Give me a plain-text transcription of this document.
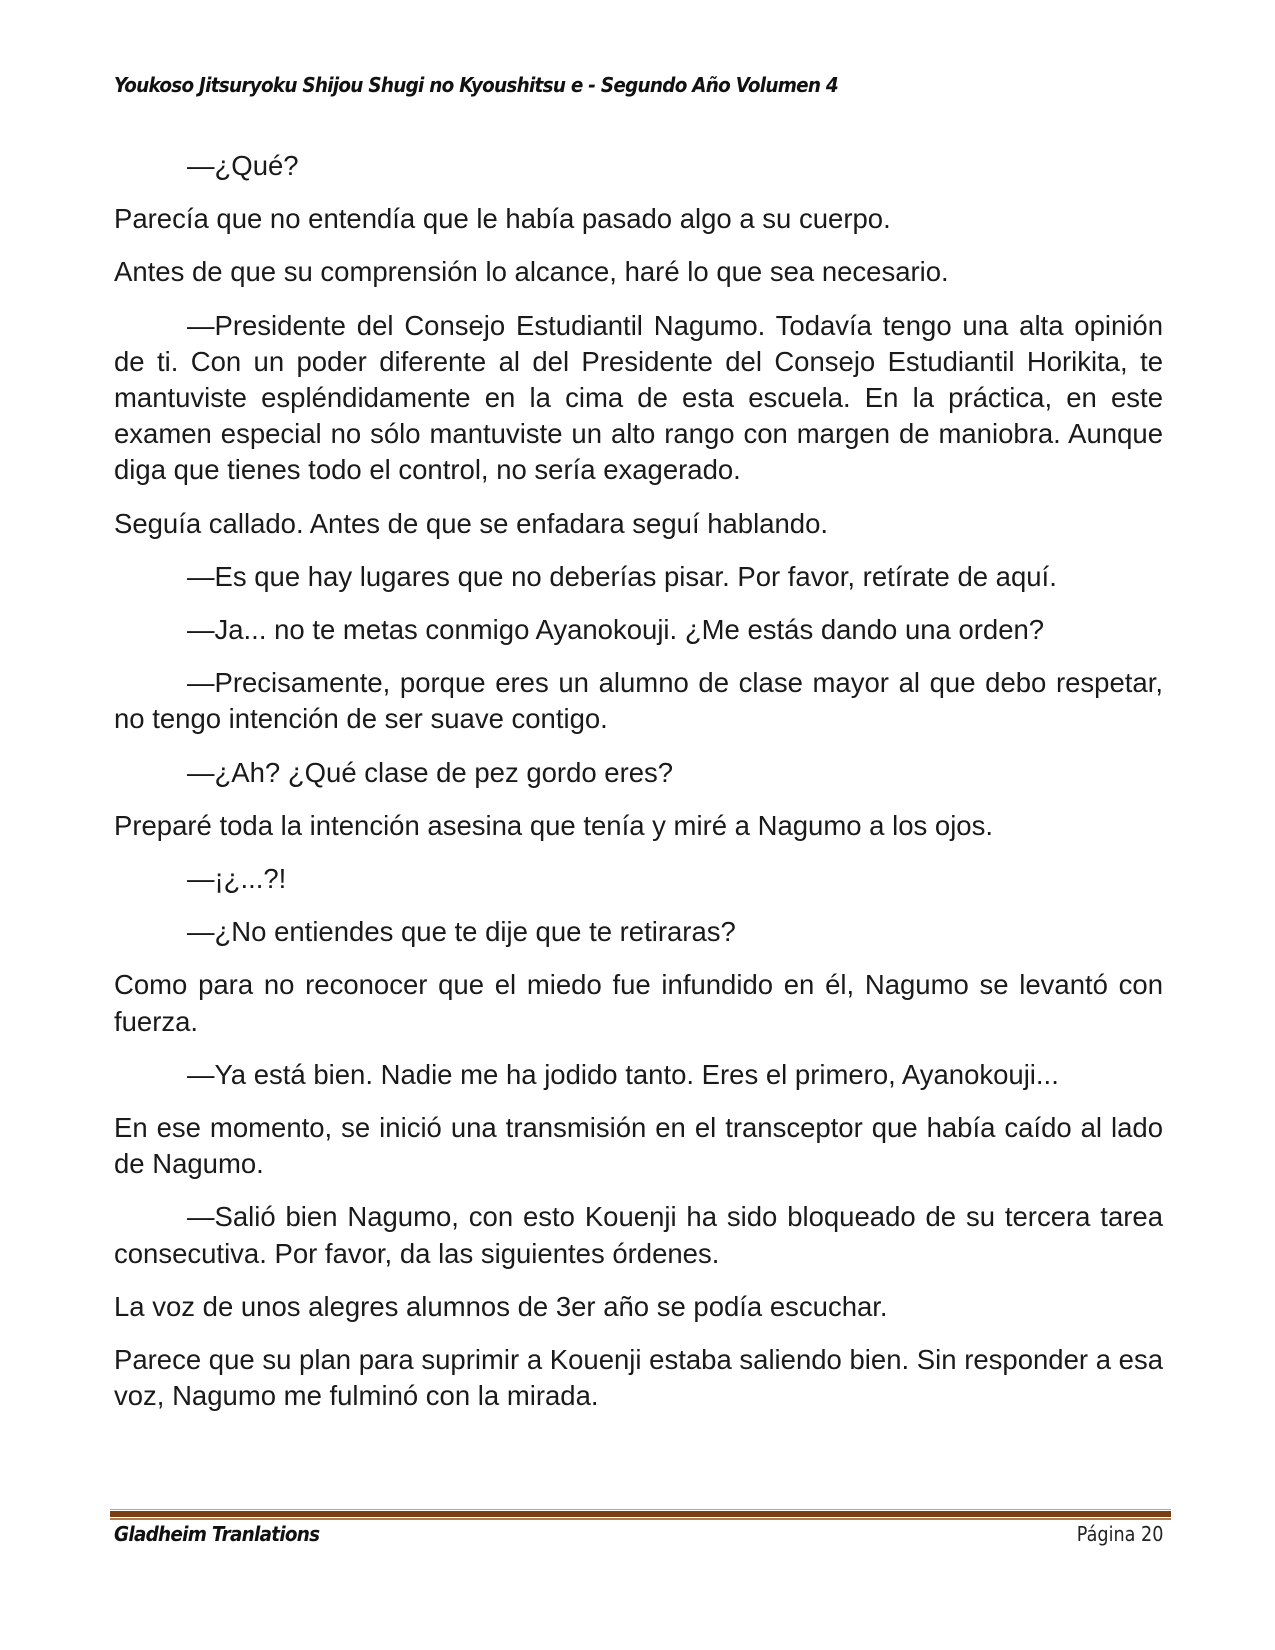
Youkoso Jitsuryoku Shijou Shugi no Kyoushitsu e - Segundo Año Volumen 4

—¿Qué?

Parecía que no entendía que le había pasado algo a su cuerpo.

Antes de que su comprensión lo alcance, haré lo que sea necesario.

—Presidente del Consejo Estudiantil Nagumo. Todavía tengo una alta opinión de ti. Con un poder diferente al del Presidente del Consejo Estudiantil Horikita, te mantuviste espléndidamente en la cima de esta escuela. En la práctica, en este examen especial no sólo mantuviste un alto rango con margen de maniobra. Aunque diga que tienes todo el control, no sería exagerado.

Seguía callado. Antes de que se enfadara seguí hablando.

—Es que hay lugares que no deberías pisar. Por favor, retírate de aquí.

—Ja... no te metas conmigo Ayanokouji. ¿Me estás dando una orden?

—Precisamente, porque eres un alumno de clase mayor al que debo respetar, no tengo intención de ser suave contigo.

—¿Ah? ¿Qué clase de pez gordo eres?

Preparé toda la intención asesina que tenía y miré a Nagumo a los ojos.

—¡¿...?!

—¿No entiendes que te dije que te retiraras?

Como para no reconocer que el miedo fue infundido en él, Nagumo se levantó con fuerza.

—Ya está bien. Nadie me ha jodido tanto. Eres el primero, Ayanokouji...

En ese momento, se inició una transmisión en el transceptor que había caído al lado de Nagumo.

—Salió bien Nagumo, con esto Kouenji ha sido bloqueado de su tercera tarea consecutiva. Por favor, da las siguientes órdenes.

La voz de unos alegres alumnos de 3er año se podía escuchar.

Parece que su plan para suprimir a Kouenji estaba saliendo bien. Sin responder a esa voz, Nagumo me fulminó con la mirada.

Gladheim Tranlations	Página 20
